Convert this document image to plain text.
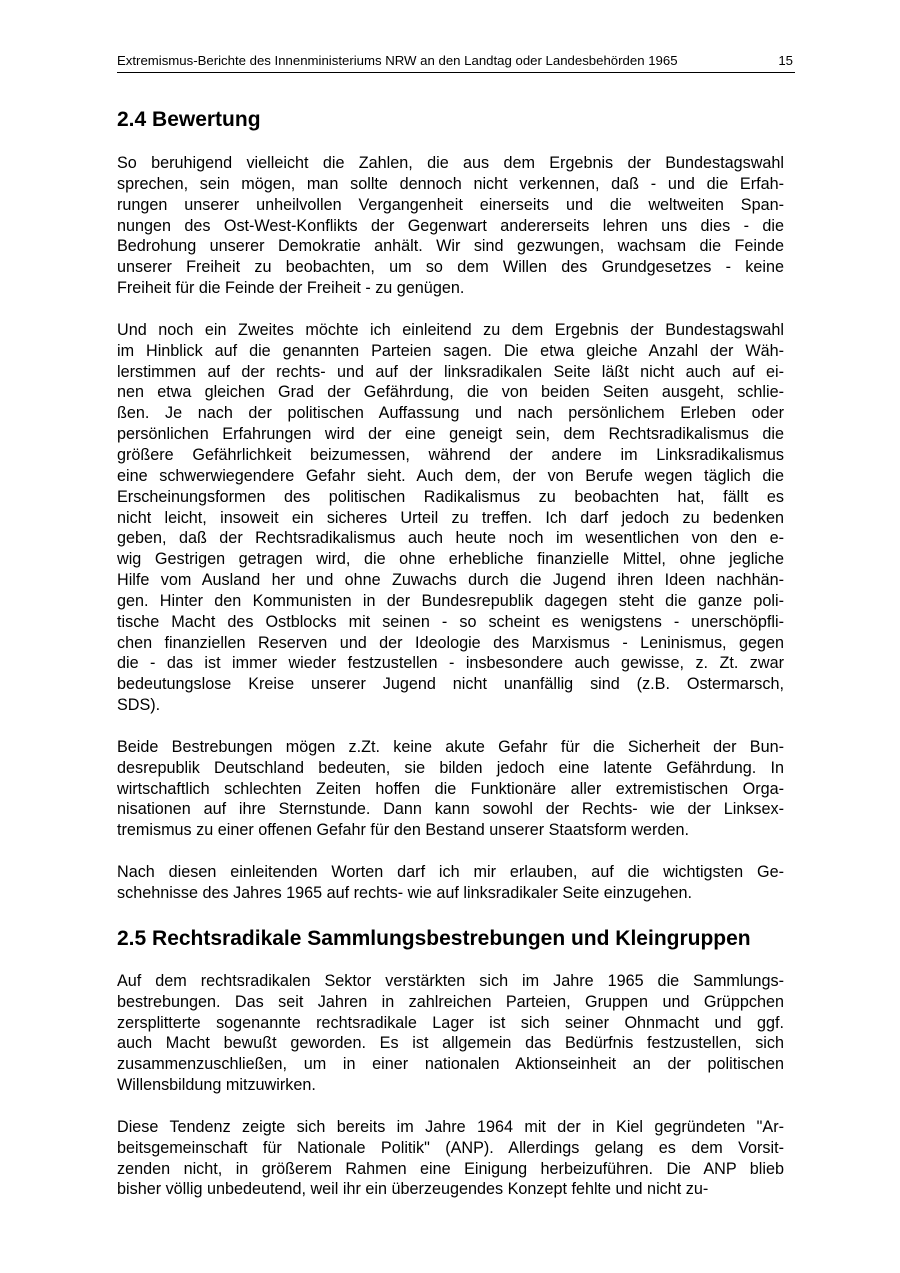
Extremismus-Berichte des Innenministeriums NRW an den Landtag oder Landesbehörden 1965	15
2.4 Bewertung

So beruhigend vielleicht die Zahlen, die aus dem Ergebnis der Bundestagswahl
sprechen, sein mögen, man sollte dennoch nicht verkennen, daß - und die Erfah-
rungen unserer unheilvollen Vergangenheit einerseits und die weltweiten Span-
nungen des Ost-West-Konflikts der Gegenwart andererseits lehren uns dies - die
Bedrohung unserer Demokratie anhält. Wir sind gezwungen, wachsam die Feinde
unserer Freiheit zu beobachten, um so dem Willen des Grundgesetzes - keine
Freiheit für die Feinde der Freiheit - zu genügen.

Und noch ein Zweites möchte ich einleitend zu dem Ergebnis der Bundestagswahl
im Hinblick auf die genannten Parteien sagen. Die etwa gleiche Anzahl der Wäh-
lerstimmen auf der rechts- und auf der linksradikalen Seite läßt nicht auch auf ei-
nen etwa gleichen Grad der Gefährdung, die von beiden Seiten ausgeht, schlie-
ßen. Je nach der politischen Auffassung und nach persönlichem Erleben oder
persönlichen Erfahrungen wird der eine geneigt sein, dem Rechtsradikalismus die
größere Gefährlichkeit beizumessen, während der andere im Linksradikalismus
eine schwerwiegendere Gefahr sieht. Auch dem, der von Berufe wegen täglich die
Erscheinungsformen des politischen Radikalismus zu beobachten hat, fällt es
nicht leicht, insoweit ein sicheres Urteil zu treffen. Ich darf jedoch zu bedenken
geben, daß der Rechtsradikalismus auch heute noch im wesentlichen von den e-
wig Gestrigen getragen wird, die ohne erhebliche finanzielle Mittel, ohne jegliche
Hilfe vom Ausland her und ohne Zuwachs durch die Jugend ihren Ideen nachhän-
gen. Hinter den Kommunisten in der Bundesrepublik dagegen steht die ganze poli-
tische Macht des Ostblocks mit seinen - so scheint es wenigstens - unerschöpfli-
chen finanziellen Reserven und der Ideologie des Marxismus - Leninismus, gegen
die - das ist immer wieder festzustellen - insbesondere auch gewisse, z. Zt. zwar
bedeutungslose Kreise unserer Jugend nicht unanfällig sind (z.B. Ostermarsch,
SDS).

Beide Bestrebungen mögen z.Zt. keine akute Gefahr für die Sicherheit der Bun-
desrepublik Deutschland bedeuten, sie bilden jedoch eine latente Gefährdung. In
wirtschaftlich schlechten Zeiten hoffen die Funktionäre aller extremistischen Orga-
nisationen auf ihre Sternstunde. Dann kann sowohl der Rechts- wie der Linksex-
tremismus zu einer offenen Gefahr für den Bestand unserer Staatsform werden.

Nach diesen einleitenden Worten darf ich mir erlauben, auf die wichtigsten Ge-
schehnisse des Jahres 1965 auf rechts- wie auf linksradikaler Seite einzugehen.

2.5 Rechtsradikale Sammlungsbestrebungen und Kleingruppen

Auf dem rechtsradikalen Sektor verstärkten sich im Jahre 1965 die Sammlungs-
bestrebungen. Das seit Jahren in zahlreichen Parteien, Gruppen und Grüppchen
zersplitterte sogenannte rechtsradikale Lager ist sich seiner Ohnmacht und ggf.
auch Macht bewußt geworden. Es ist allgemein das Bedürfnis festzustellen, sich
zusammenzuschließen, um in einer nationalen Aktionseinheit an der politischen
Willensbildung mitzuwirken.

Diese Tendenz zeigte sich bereits im Jahre 1964 mit der in Kiel gegründeten "Ar-
beitsgemeinschaft für Nationale Politik" (ANP). Allerdings gelang es dem Vorsit-
zenden nicht, in größerem Rahmen eine Einigung herbeizuführen. Die ANP blieb
bisher völlig unbedeutend, weil ihr ein überzeugendes Konzept fehlte und nicht zu-
